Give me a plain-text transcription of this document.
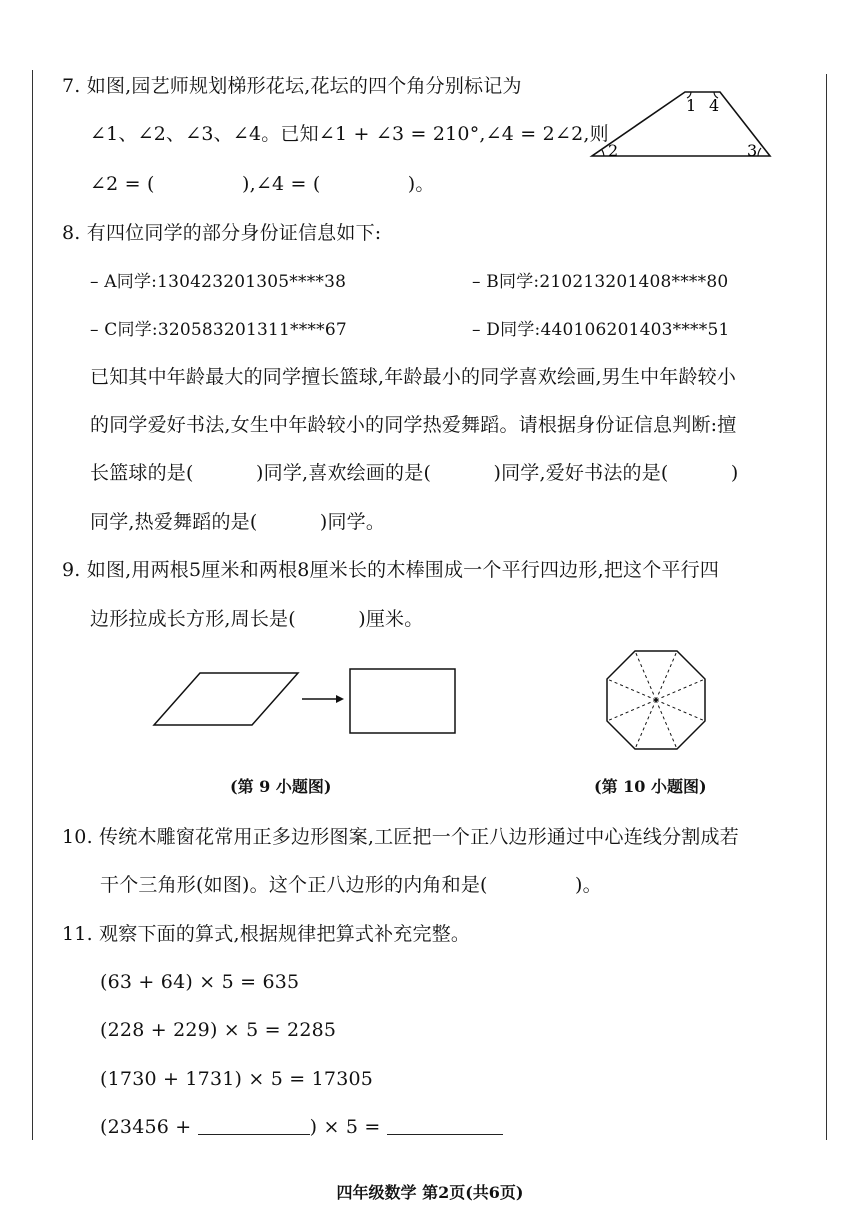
7. 如图,园艺师规划梯形花坛,花坛的四个角分别标记为
∠1、∠2、∠3、∠4。已知∠1 + ∠3 = 210°,∠4 = 2∠2,则
∠2 = (              ),∠4 = (              )。
1 4
2	3
8. 有四位同学的部分身份证信息如下:
– A同学:130423201305****38	– B同学:210213201408****80
– C同学:320583201311****67	– D同学:440106201403****51
已知其中年龄最大的同学擅长篮球,年龄最小的同学喜欢绘画,男生中年龄较小
的同学爱好书法,女生中年龄较小的同学热爱舞蹈。请根据身份证信息判断:擅
长篮球的是(          )同学,喜欢绘画的是(          )同学,爱好书法的是(          )
同学,热爱舞蹈的是(          )同学。
9. 如图,用两根5厘米和两根8厘米长的木棒围成一个平行四边形,把这个平行四
边形拉成长方形,周长是(          )厘米。
(第 9 小题图)	(第 10 小题图)
10. 传统木雕窗花常用正多边形图案,工匠把一个正八边形通过中心连线分割成若
干个三角形(如图)。这个正八边形的内角和是(              )。
11. 观察下面的算式,根据规律把算式补充完整。
(63 + 64) × 5 = 635
(228 + 229) × 5 = 2285
(1730 + 1731) × 5 = 17305
(23456 +	) × 5 =
四年级数学 第2页(共6页)
